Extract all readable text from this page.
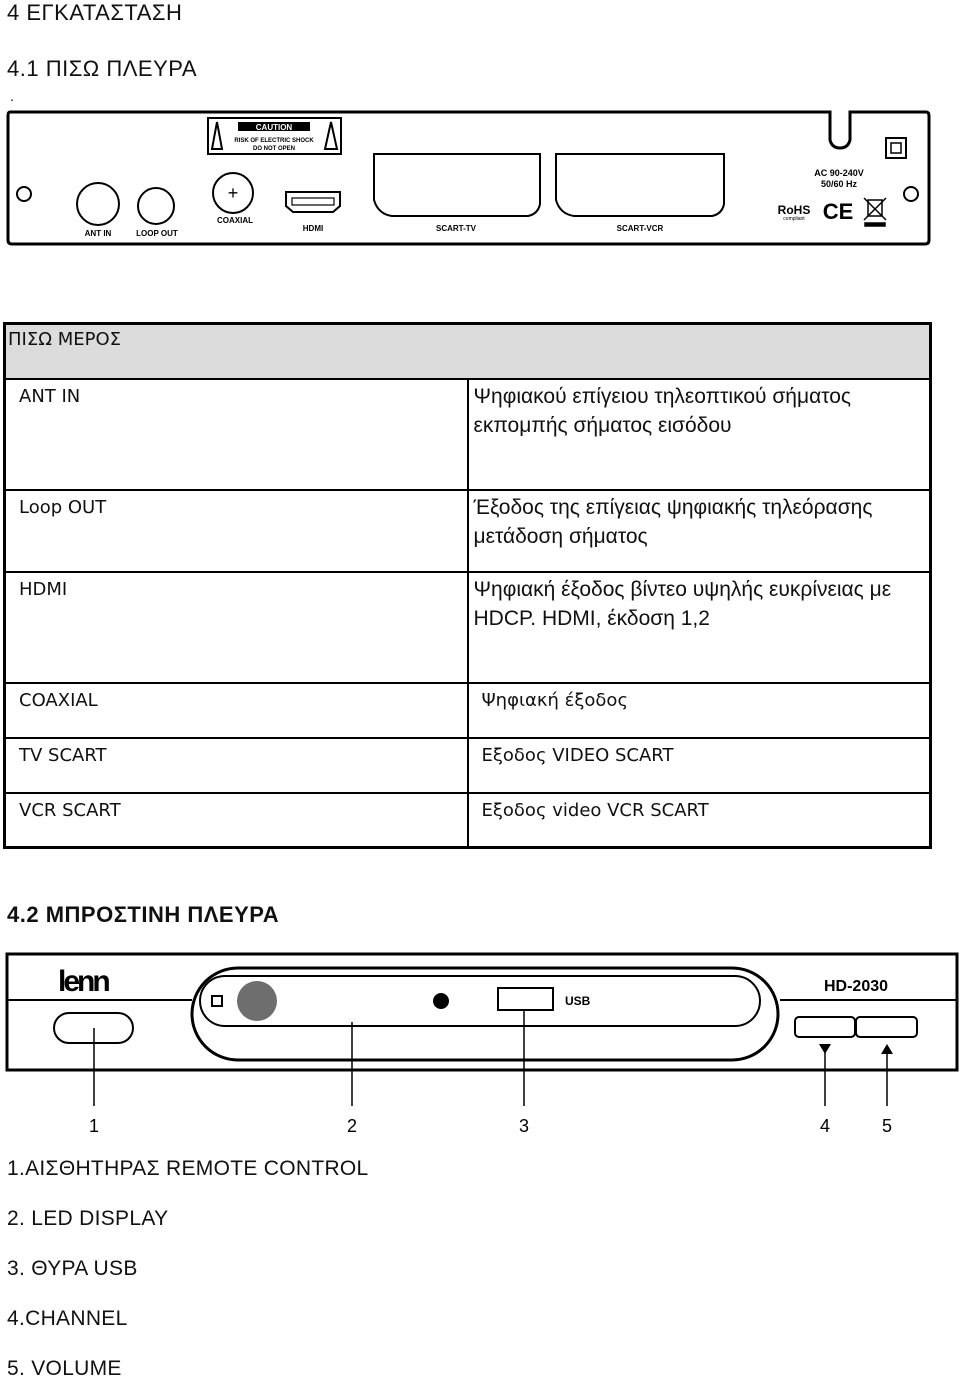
4 ΕΓΚΑΤΑΣΤΑΣΗ
4.1 ΠΙΣΩ ΠΛΕΥΡΑ
.
CAUTION
RISK OF ELECTRIC SHOCK
DO NOT OPEN
ANT IN	LOOP OUT
+
COAXIAL
HDMI	SCART-TV	SCART-VCR
AC 90-240V
50/60 Hz
RoHS
compliant CE
ΠΙΣΩ ΜΕΡΟΣ	
ANT IN	Ψηφιακού επίγειου τηλεοπτικού σήματος εκπομπής σήματος εισόδου
Loop OUT	Έξοδος της επίγειας ψηφιακής τηλεόρασης μετάδοση σήματος
HDMI	Ψηφιακή έξοδος βίντεο υψηλής ευκρίνειας με HDCP. HDMI, έκδοση 1,2
COAXIAL	Ψηφιακή έξοδος
TV SCART	Εξοδος VIDEO SCART
VCR SCART	Εξοδος video VCR SCART
4.2 ΜΠΡΟΣΤΙΝΗ ΠΛΕΥΡΑ
lenn
USB
HD-2030
1	2	3	4	5
1.ΑΙΣΘΗΤΗΡΑΣ REMOTE CONTROL
2. LED DISPLAY
3. ΘΥΡΑ USB
4.CHANNEL
5. VOLUME
